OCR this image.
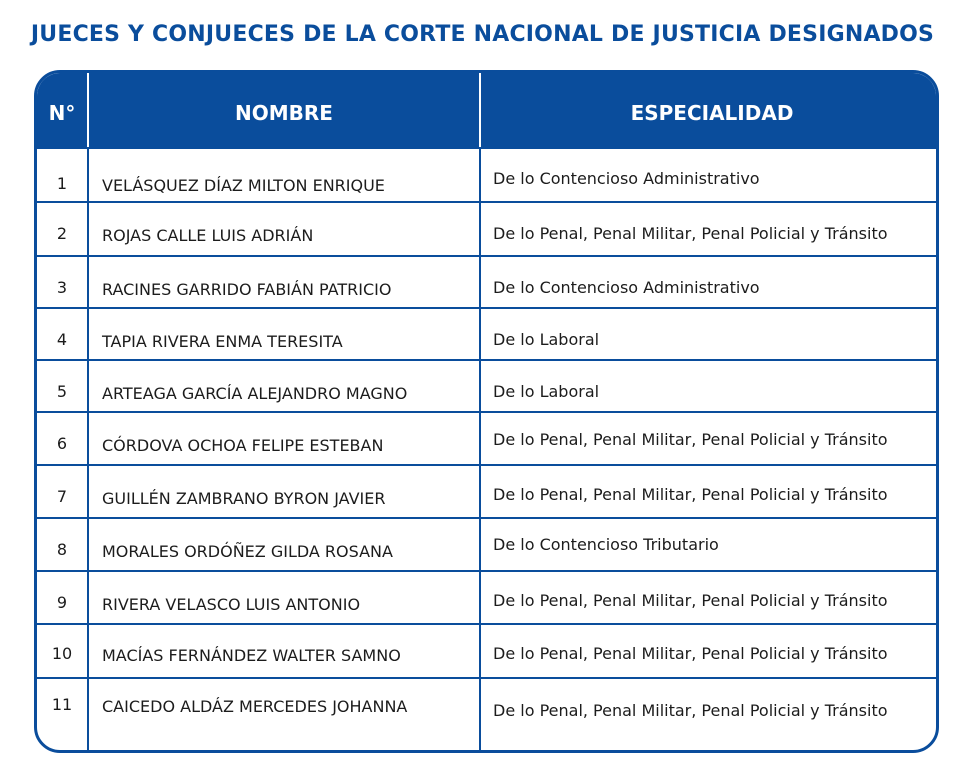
JUECES Y CONJUECES DE LA CORTE NACIONAL DE JUSTICIA DESIGNADOS
N°	NOMBRE	ESPECIALIDAD
1	VELÁSQUEZ DÍAZ MILTON ENRIQUE	De lo Contencioso Administrativo
2	ROJAS CALLE LUIS ADRIÁN	De lo Penal, Penal Militar, Penal Policial y Tránsito
3	RACINES GARRIDO FABIÁN PATRICIO	De lo Contencioso Administrativo
4	TAPIA RIVERA ENMA TERESITA	De lo Laboral
5	ARTEAGA GARCÍA ALEJANDRO MAGNO	De lo Laboral
6	CÓRDOVA OCHOA FELIPE ESTEBAN	De lo Penal, Penal Militar, Penal Policial y Tránsito
7	GUILLÉN ZAMBRANO BYRON JAVIER	De lo Penal, Penal Militar, Penal Policial y Tránsito
8	MORALES ORDÓÑEZ GILDA ROSANA	De lo Contencioso Tributario
9	RIVERA VELASCO LUIS ANTONIO	De lo Penal, Penal Militar, Penal Policial y Tránsito
10	MACÍAS FERNÁNDEZ WALTER SAMNO	De lo Penal, Penal Militar, Penal Policial y Tránsito
11	CAICEDO ALDÁZ MERCEDES JOHANNA	De lo Penal, Penal Militar, Penal Policial y Tránsito
